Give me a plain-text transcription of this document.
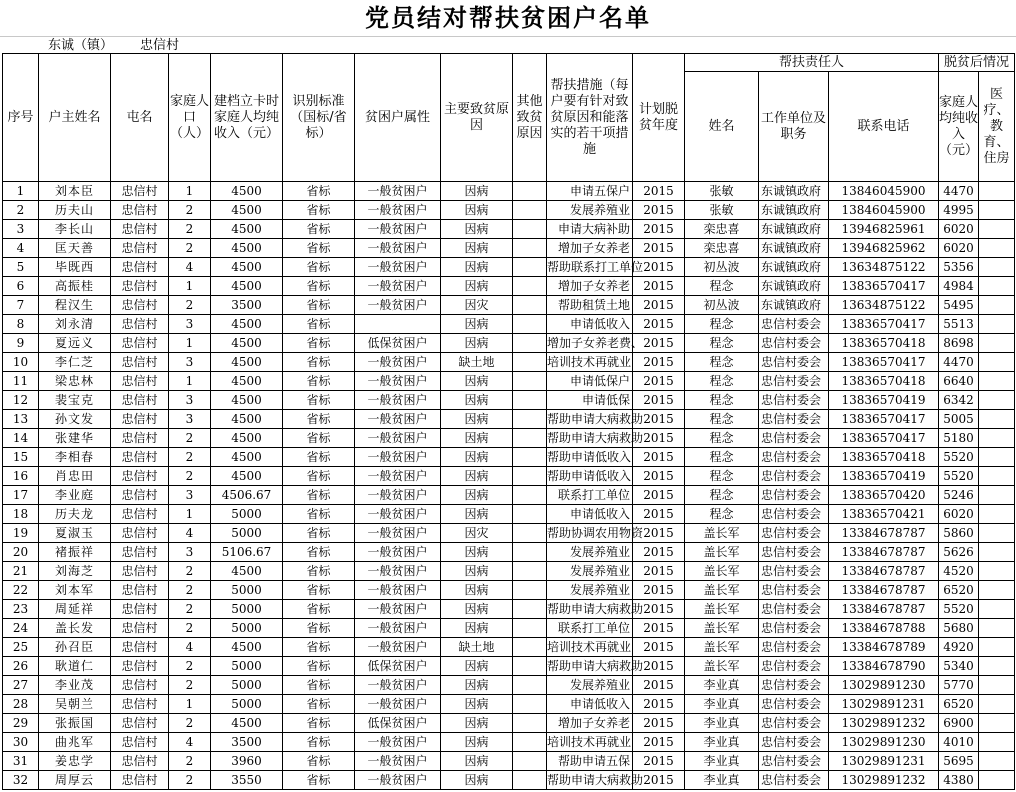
党员结对帮扶贫困户名单
东诚（镇） 忠信村
序号	户主姓名	屯名	家庭人口（人）	建档立卡时家庭人均纯收入（元）	识别标准（国标/省标）	贫困户属性	主要致贫原因	其他致贫原因	帮扶措施（每户要有针对致贫原因和能落实的若干项措施	计划脱贫年度	帮扶责任人			脱贫后情况	
											姓名	工作单位及职务	联系电话	家庭人均纯收入（元）	医疗、教育、住房
1	刘本臣	忠信村	1	4500	省标	一般贫困户	因病		申请五保户	2015	张敏	东诚镇政府	13846045900	4470	
2	历夫山	忠信村	2	4500	省标	一般贫困户	因病		发展养殖业	2015	张敏	东诚镇政府	13846045900	4995	
3	李长山	忠信村	2	4500	省标	一般贫困户	因病		申请大病补助	2015	栾忠喜	东诚镇政府	13946825961	6020	
4	匡天善	忠信村	2	4500	省标	一般贫困户	因病		增加子女养老	2015	栾忠喜	东诚镇政府	13946825962	6020	
5	毕既西	忠信村	4	4500	省标	一般贫困户	因病		帮助联系打工单位	2015	初丛波	东诚镇政府	13634875122	5356	
6	高振桂	忠信村	1	4500	省标	一般贫困户	因病		增加子女养老	2015	程念	东诚镇政府	13836570417	4984	
7	程汉生	忠信村	2	3500	省标	一般贫困户	因灾		帮助租赁土地	2015	初丛波	东诚镇政府	13634875122	5495	
8	刘永清	忠信村	3	4500	省标		因病		申请低收入	2015	程念	忠信村委会	13836570417	5513	
9	夏远义	忠信村	1	4500	省标	低保贫困户	因病		增加子女养老费、	2015	程念	忠信村委会	13836570418	8698	
10	李仁芝	忠信村	3	4500	省标	一般贫困户	缺土地		培训技术再就业	2015	程念	忠信村委会	13836570417	4470	
11	梁忠林	忠信村	1	4500	省标	一般贫困户	因病		申请低保户	2015	程念	忠信村委会	13836570418	6640	
12	裴宝克	忠信村	3	4500	省标	一般贫困户	因病		申请低保	2015	程念	忠信村委会	13836570419	6342	
13	孙文发	忠信村	3	4500	省标	一般贫困户	因病		帮助申请大病救助	2015	程念	忠信村委会	13836570417	5005	
14	张建华	忠信村	2	4500	省标	一般贫困户	因病		帮助申请大病救助	2015	程念	忠信村委会	13836570417	5180	
15	李相春	忠信村	2	4500	省标	一般贫困户	因病		帮助申请低收入	2015	程念	忠信村委会	13836570418	5520	
16	肖忠田	忠信村	2	4500	省标	一般贫困户	因病		帮助申请低收入	2015	程念	忠信村委会	13836570419	5520	
17	李业庭	忠信村	3	4506.67	省标	一般贫困户	因病		联系打工单位	2015	程念	忠信村委会	13836570420	5246	
18	历夫龙	忠信村	1	5000	省标	一般贫困户	因病		申请低收入	2015	程念	忠信村委会	13836570421	6020	
19	夏淑玉	忠信村	4	5000	省标	一般贫困户	因灾		帮助协调农用物资	2015	盖长军	忠信村委会	13384678787	5860	
20	褚振祥	忠信村	3	5106.67	省标	一般贫困户	因病		发展养殖业	2015	盖长军	忠信村委会	13384678787	5626	
21	刘海芝	忠信村	2	4500	省标	一般贫困户	因病		发展养殖业	2015	盖长军	忠信村委会	13384678787	4520	
22	刘本军	忠信村	2	5000	省标	一般贫困户	因病		发展养殖业	2015	盖长军	忠信村委会	13384678787	6520	
23	周延祥	忠信村	2	5000	省标	一般贫困户	因病		帮助申请大病救助	2015	盖长军	忠信村委会	13384678787	5520	
24	盖长发	忠信村	2	5000	省标	一般贫困户	因病		联系打工单位	2015	盖长军	忠信村委会	13384678788	5680	
25	孙召臣	忠信村	4	4500	省标	一般贫困户	缺土地		培训技术再就业	2015	盖长军	忠信村委会	13384678789	4920	
26	耿道仁	忠信村	2	5000	省标	低保贫困户	因病		帮助申请大病救助	2015	盖长军	忠信村委会	13384678790	5340	
27	李业茂	忠信村	2	5000	省标	一般贫困户	因病		发展养殖业	2015	李业真	忠信村委会	13029891230	5770	
28	吴朝兰	忠信村	1	5000	省标	一般贫困户	因病		申请低收入	2015	李业真	忠信村委会	13029891231	6520	
29	张振国	忠信村	2	4500	省标	低保贫困户	因病		增加子女养老	2015	李业真	忠信村委会	13029891232	6900	
30	曲兆军	忠信村	4	3500	省标	一般贫困户	因病		培训技术再就业	2015	李业真	忠信村委会	13029891230	4010	
31	姜忠学	忠信村	2	3960	省标	一般贫困户	因病		帮助申请五保	2015	李业真	忠信村委会	13029891231	5695	
32	周厚云	忠信村	2	3550	省标	一般贫困户	因病		帮助申请大病救助	2015	李业真	忠信村委会	13029891232	4380	
